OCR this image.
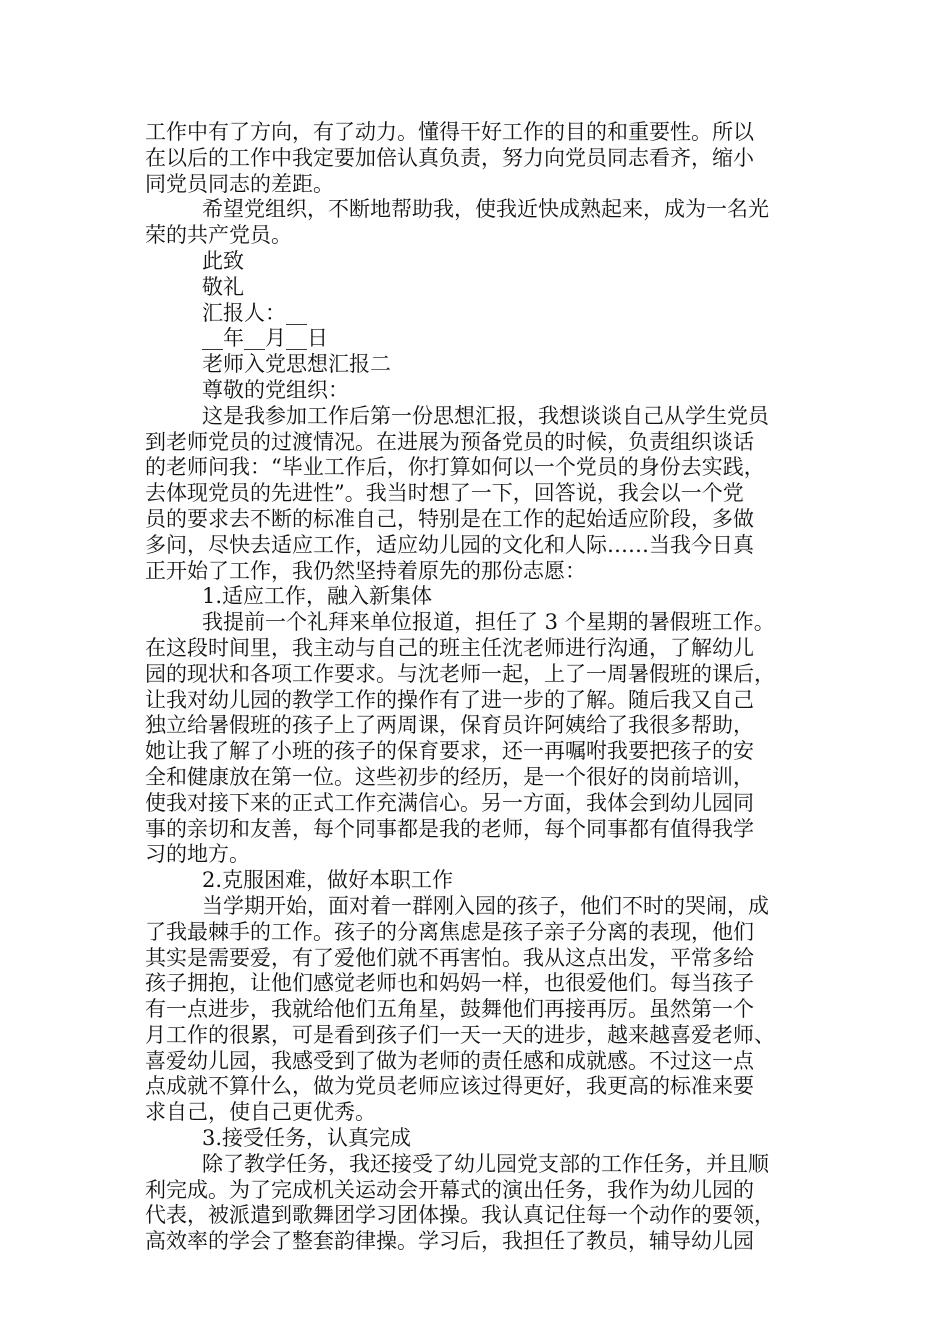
工作中有了方向，有了动力。懂得干好工作的目的和重要性。所以
在以后的工作中我定要加倍认真负责，努力向党员同志看齐，缩小
同党员同志的差距。
希望党组织，不断地帮助我，使我近快成熟起来，成为一名光
荣的共产党员。
此致
敬礼
汇报人：__
__年__月__日
老师入党思想汇报二
尊敬的党组织：
这是我参加工作后第一份思想汇报，我想谈谈自己从学生党员
到老师党员的过渡情况。在进展为预备党员的时候，负责组织谈话
的老师问我：“毕业工作后，你打算如何以一个党员的身份去实践，
去体现党员的先进性”。我当时想了一下，回答说，我会以一个党
员的要求去不断的标准自己，特别是在工作的起始适应阶段，多做
多问，尽快去适应工作，适应幼儿园的文化和人际……当我今日真
正开始了工作，我仍然坚持着原先的那份志愿：
1.适应工作，融入新集体
我提前一个礼拜来单位报道，担任了 3 个星期的暑假班工作。
在这段时间里，我主动与自己的班主任沈老师进行沟通，了解幼儿
园的现状和各项工作要求。与沈老师一起，上了一周暑假班的课后，
让我对幼儿园的教学工作的操作有了进一步的了解。随后我又自己
独立给暑假班的孩子上了两周课，保育员许阿姨给了我很多帮助，
她让我了解了小班的孩子的保育要求，还一再嘱咐我要把孩子的安
全和健康放在第一位。这些初步的经历，是一个很好的岗前培训，
使我对接下来的正式工作充满信心。另一方面，我体会到幼儿园同
事的亲切和友善，每个同事都是我的老师，每个同事都有值得我学
习的地方。
2.克服困难，做好本职工作
当学期开始，面对着一群刚入园的孩子，他们不时的哭闹，成
了我最棘手的工作。孩子的分离焦虑是孩子亲子分离的表现，他们
其实是需要爱，有了爱他们就不再害怕。我从这点出发，平常多给
孩子拥抱，让他们感觉老师也和妈妈一样，也很爱他们。每当孩子
有一点进步，我就给他们五角星，鼓舞他们再接再厉。虽然第一个
月工作的很累，可是看到孩子们一天一天的进步，越来越喜爱老师、
喜爱幼儿园，我感受到了做为老师的责任感和成就感。不过这一点
点成就不算什么，做为党员老师应该过得更好，我更高的标准来要
求自己，使自己更优秀。
3.接受任务，认真完成
除了教学任务，我还接受了幼儿园党支部的工作任务，并且顺
利完成。为了完成机关运动会开幕式的演出任务，我作为幼儿园的
代表，被派遣到歌舞团学习团体操。我认真记住每一个动作的要领，
高效率的学会了整套韵律操。学习后，我担任了教员，辅导幼儿园
